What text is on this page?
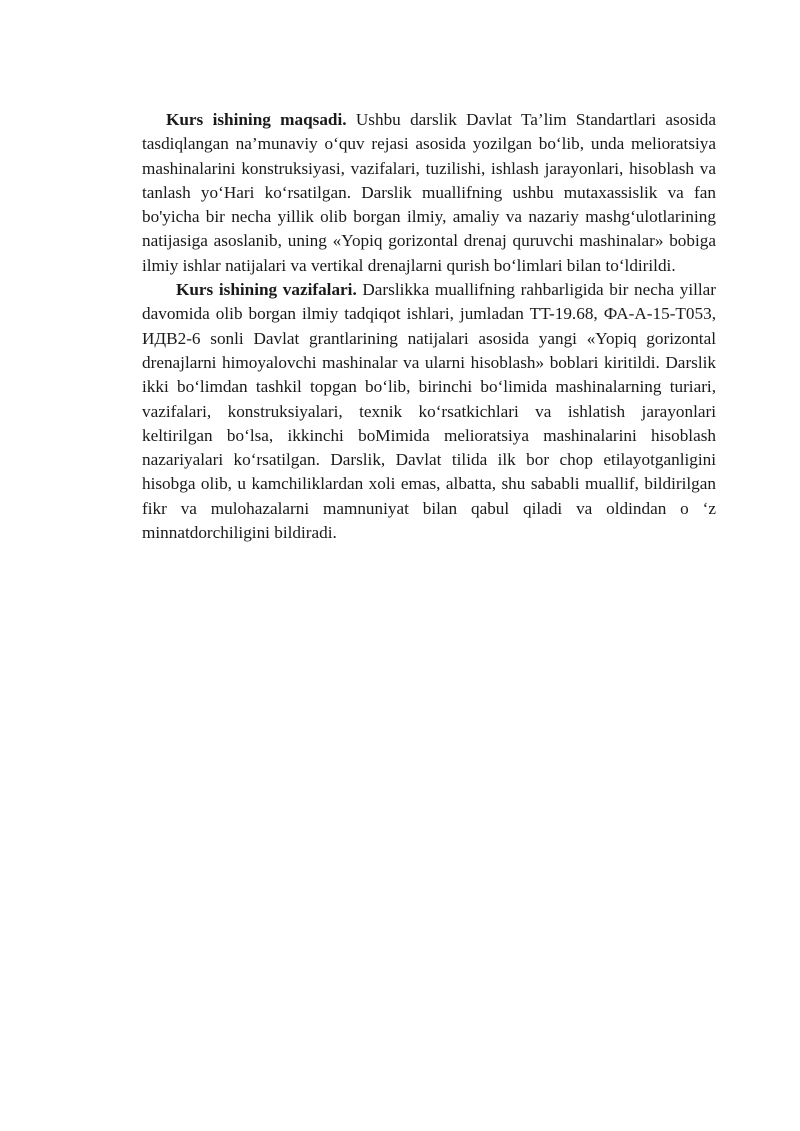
Kurs ishining maqsadi. Ushbu darslik Davlat Ta’lim Standartlari asosida tasdiqlangan na’munaviy o‘quv rejasi asosida yozilgan bo‘lib, unda melioratsiya mashinalarini konstruksiyasi, vazifalari, tuzilishi, ishlash jarayonlari, hisoblash va tanlash yo‘Hari ko‘rsatilgan. Darslik muallifning ushbu mutaxassislik va fan bo'yicha bir necha yillik olib borgan ilmiy, amaliy va nazariy mashg‘ulotlarining natijasiga asoslanib, uning «Yopiq gorizontal drenaj quruvchi mashinalar» bobiga ilmiy ishlar natijalari va vertikal drenajlarni qurish bo‘limlari bilan to‘ldirildi.

Kurs ishining vazifalari. Darslikka muallifning rahbarligida bir necha yillar davomida olib borgan ilmiy tadqiqot ishlari, jumladan TT-19.68, ФА-А-15-Т053, ИДВ2-6 sonli Davlat grantlarining natijalari asosida yangi «Yopiq gorizontal drenajlarni himoyalovchi mashinalar va ularni hisoblash» boblari kiritildi. Darslik ikki bo‘limdan tashkil topgan bo‘lib, birinchi bo‘limida mashinalarning turiari, vazifalari, konstruksiyalari, texnik ko‘rsatkichlari va ishlatish jarayonlari keltirilgan bo‘lsa, ikkinchi boMimida melioratsiya mashinalarini hisoblash nazariyalari ko‘rsatilgan. Darslik, Davlat tilida ilk bor chop etilayotganligini hisobga olib, u kamchiliklardan xoli emas, albatta, shu sababli muallif, bildirilgan fikr va mulohazalarni mamnuniyat bilan qabul qiladi va oldindan o ‘z minnatdorchiligini bildiradi.
